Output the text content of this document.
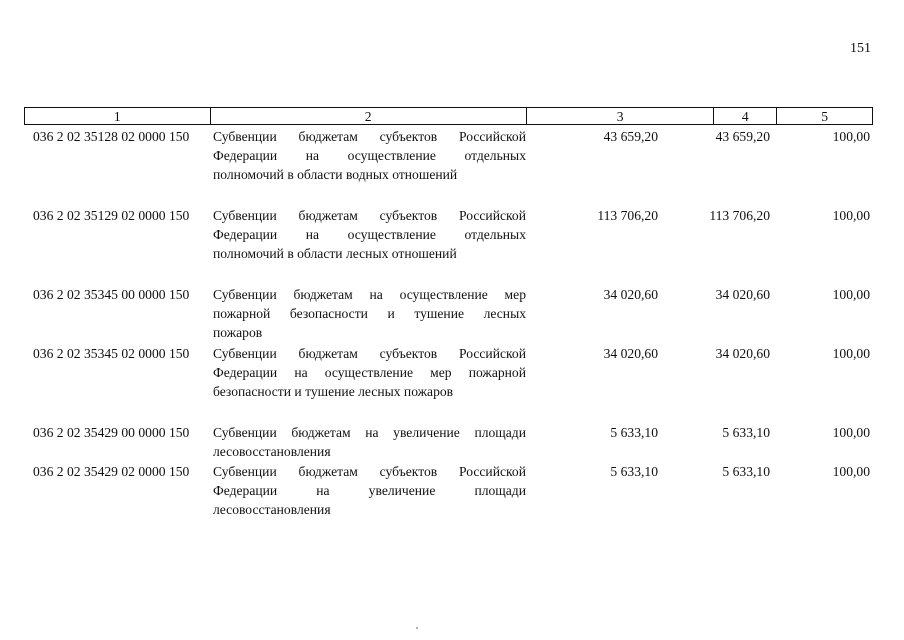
151
1	2	3	4	5
036 2 02 35128 02 0000 150	Субвенции бюджетам субъектов Российской
Федерации на осуществление отдельных
полномочий в области водных отношений
43 659,20	43 659,20	100,00
036 2 02 35129 02 0000 150	Субвенции бюджетам субъектов Российской
Федерации на осуществление отдельных
полномочий в области лесных отношений
113 706,20	113 706,20	100,00
036 2 02 35345 00 0000 150	Субвенции бюджетам на осуществление мер
пожарной безопасности и тушение лесных
пожаров
34 020,60	34 020,60	100,00
036 2 02 35345 02 0000 150	Субвенции бюджетам субъектов Российской
Федерации на осуществление мер пожарной
безопасности и тушение лесных пожаров
34 020,60	34 020,60	100,00
036 2 02 35429 00 0000 150	Субвенции бюджетам на увеличение площади
лесовосстановления
5 633,10	5 633,10	100,00
036 2 02 35429 02 0000 150	Субвенции бюджетам субъектов Российской
Федерации на увеличение площади
лесовосстановления
5 633,10	5 633,10	100,00
